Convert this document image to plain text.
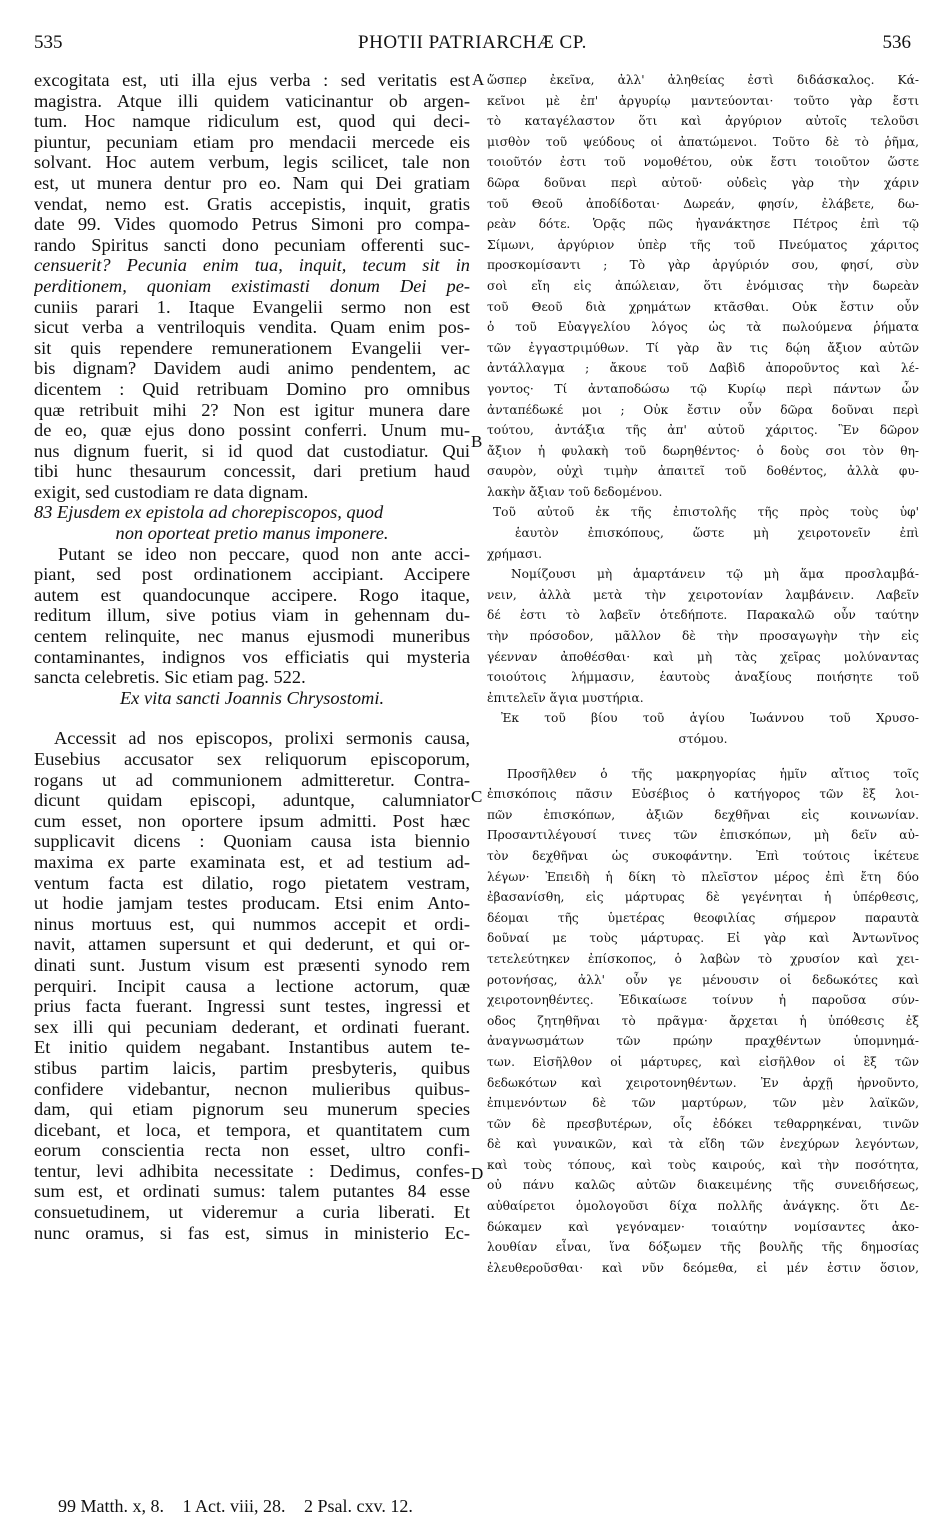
535	PHOTII PATRIARCHÆ CP.	536
A
B
C
D
excogitata est, uti illa ejus verba : sed veritatis est
magistra. Atque illi quidem vaticinantur ob argen-
tum. Hoc namque ridiculum est, quod qui deci-
piuntur, pecuniam etiam pro mendacii mercede eis
solvant. Hoc autem verbum, legis scilicet, tale non
est, ut munera dentur pro eo. Nam qui Dei gratiam
vendat, nemo est. Gratis accepistis, inquit, gratis
date 99. Vides quomodo Petrus Simoni pro compa-
rando Spiritus sancti dono pecuniam offerenti suc-
censuerit? Pecunia enim tua, inquit, tecum sit in
perditionem, quoniam existimasti donum Dei pe-
cuniis parari 1. Itaque Evangelii sermo non est
sicut verba a ventriloquis vendita. Quam enim pos-
sit quis rependere remunerationem Evangelii ver-
bis dignam? Davidem audi animo pendentem, ac
dicentem : Quid retribuam Domino pro omnibus
quæ retribuit mihi 2? Non est igitur munera dare
de eo, quæ ejus dono possint conferri. Unum mu-
nus dignum fuerit, si id quod dat custodiatur. Qui
tibi hunc thesaurum concessit, dari pretium haud
exigit, sed custodiam re data dignam.
83 Ejusdem ex epistola ad chorepiscopos, quod
non oporteat pretio manus imponere.
Putant se ideo non peccare, quod non ante acci-
piant, sed post ordinationem accipiant. Accipere
autem est quandocunque accipere. Rogo itaque,
reditum illum, sive potius viam in gehennam du-
centem relinquite, nec manus ejusmodi muneribus
contaminantes, indignos vos efficiatis qui mysteria
sancta celebretis. Sic etiam pag. 522.
Ex vita sancti Joannis Chrysostomi.
Accessit ad nos episcopos, prolixi sermonis causa,
Eusebius accusator sex reliquorum episcoporum,
rogans ut ad communionem admitteretur. Contra-
dicunt quidam episcopi, aduntque, calumniator
cum esset, non oportere ipsum admitti. Post hæc
supplicavit dicens : Quoniam causa ista biennio
maxima ex parte examinata est, et ad testium ad-
ventum facta est dilatio, rogo pietatem vestram,
ut hodie jamjam testes producam. Etsi enim Anto-
ninus mortuus est, qui nummos accepit et ordi-
navit, attamen supersunt et qui dederunt, et qui or-
dinati sunt. Justum visum est præsenti synodo rem
perquiri. Incipit causa a lectione actorum, quæ
prius facta fuerant. Ingressi sunt testes, ingressi et
sex illi qui pecuniam dederant, et ordinati fuerant.
Et initio quidem negabant. Instantibus autem te-
stibus partim laicis, partim presbyteris, quibus
confidere videbantur, necnon mulieribus quibus-
dam, qui etiam pignorum seu munerum species
dicebant, et loca, et tempora, et quantitatem cum
eorum conscientia recta non esset, ultro confi-
tentur, levi adhibita necessitate : Dedimus, confes-
sum est, et ordinati sumus: talem putantes 84 esse
consuetudinem, ut videremur a curia liberati. Et
nunc oramus, si fas est, simus in ministerio Ec-
ὥσπερ ἐκεῖνα, ἀλλ' ἀληθείας ἐστὶ διδάσκαλος. Κά-
κεῖνοι μὲ ἐπ' ἀργυρίῳ μαντεύονται· τοῦτο γὰρ ἔστι
τὸ καταγέλαστον ὅτι καὶ ἀργύριον αὐτοῖς τελοῦσι
μισθὸν τοῦ ψεύδους οἱ ἀπατώμενοι. Τοῦτο δὲ τὸ ῥῆμα,
τοιοῦτόν ἐστι τοῦ νομοθέτου, οὐκ ἔστι τοιοῦτον ὥστε
δῶρα δοῦναι περὶ αὐτοῦ· οὐδεὶς γὰρ τὴν χάριν
τοῦ Θεοῦ ἀποδίδοται· Δωρεάν, φησίν, ἐλάβετε, δω-
ρεὰν δότε. Ὁρᾷς πῶς ἠγανάκτησε Πέτρος ἐπὶ τῷ
Σίμωνι, ἀργύριον ὑπὲρ τῆς τοῦ Πνεύματος χάριτος
προσκομίσαντι ; Τὸ γὰρ ἀργύριόν σου, φησί, σὺν
σοὶ εἴη εἰς ἀπώλειαν, ὅτι ἐνόμισας τὴν δωρεὰν
τοῦ Θεοῦ διὰ χρημάτων κτᾶσθαι. Οὐκ ἔστιν οὖν
ὁ τοῦ Εὐαγγελίου λόγος ὡς τὰ πωλούμενα ῥήματα
τῶν ἐγγαστριμύθων. Τί γὰρ ἂν τις δῴη ἄξιον αὐτῶν
ἀντάλλαγμα ; ἄκουε τοῦ Δαβὶδ ἀποροῦντος καὶ λέ-
γοντος· Τί ἀνταποδώσω τῷ Κυρίῳ περὶ πάντων ὧν
ἀνταπέδωκέ μοι ; Οὐκ ἔστιν οὖν δῶρα δοῦναι περὶ
τούτου, ἀντάξια τῆς ἀπ' αὐτοῦ χάριτος. Ἓν δῶρον
ἄξιον ἡ φυλακὴ τοῦ δωρηθέντος· ὁ δοὺς σοι τὸν θη-
σαυρὸν, οὐχὶ τιμὴν ἀπαιτεῖ τοῦ δοθέντος, ἀλλὰ φυ-
λακὴν ἄξιαν τοῦ δεδομένου.
Τοῦ αὐτοῦ ἐκ τῆς ἐπιστολῆς τῆς πρὸς τοὺς ὑφ'
ἑαυτὸν ἐπισκόπους, ὥστε μὴ χειροτονεῖν ἐπὶ
χρήμασι.
Νομίζουσι μὴ ἁμαρτάνειν τῷ μὴ ἅμα προσλαμβά-
νειν, ἀλλὰ μετὰ τὴν χειροτονίαν λαμβάνειν. Λαβεῖν
δέ ἐστι τὸ λαβεῖν ὁτεδήποτε. Παρακαλῶ οὖν ταύτην
τὴν πρόσοδον, μᾶλλον δὲ τὴν προσαγωγὴν τὴν εἰς
γέενναν ἀποθέσθαι· καὶ μὴ τὰς χεῖρας μολύναντας
τοιούτοις λήμμασιν, ἑαυτοὺς ἀναξίους ποιήσητε τοῦ
ἐπιτελεῖν ἅγια μυστήρια.
Ἐκ τοῦ βίου τοῦ ἁγίου Ἰωάννου τοῦ Χρυσο-
στόμου.
Προσῆλθεν ὁ τῆς μακρηγορίας ἡμῖν αἴτιος τοῖς
ἐπισκόποις πᾶσιν Εὐσέβιος ὁ κατήγορος τῶν ἓξ λοι-
πῶν ἐπισκόπων, ἀξιῶν δεχθῆναι εἰς κοινωνίαν.
Προσαντιλέγουσί τινες τῶν ἐπισκόπων, μὴ δεῖν αὐ-
τὸν δεχθῆναι ὡς συκοφάντην. Ἐπὶ τούτοις ἱκέτευε
λέγων· Ἐπειδὴ ἡ δίκη τὸ πλεῖστον μέρος ἐπὶ ἔτη δύο
ἐβασανίσθη, εἰς μάρτυρας δὲ γεγένηται ἡ ὑπέρθεσις,
δέομαι τῆς ὑμετέρας θεοφιλίας σήμερον παραυτὰ
δοῦναί με τοὺς μάρτυρας. Εἰ γὰρ καὶ Ἀντωνῖνος
τετελεύτηκεν ἐπίσκοπος, ὁ λαβὼν τὸ χρυσίον καὶ χει-
ροτονήσας, ἀλλ' οὖν γε μένουσιν οἱ δεδωκότες καὶ
χειροτονηθέντες. Ἐδικαίωσε τοίνυν ἡ παροῦσα σύν-
οδος ζητηθῆναι τὸ πρᾶγμα· ἄρχεται ἡ ὑπόθεσις ἐξ
ἀναγνωσμάτων τῶν πρώην πραχθέντων ὑπομνημά-
των. Εἰσῆλθον οἱ μάρτυρες, καὶ εἰσῆλθον οἱ ἓξ τῶν
δεδωκότων καὶ χειροτονηθέντων. Ἐν ἀρχῇ ἠρνοῦντο,
ἐπιμενόντων δὲ τῶν μαρτύρων, τῶν μὲν λαϊκῶν,
τῶν δὲ πρεσβυτέρων, οἷς ἐδόκει τεθαρρηκέναι, τινῶν
δὲ καὶ γυναικῶν, καὶ τὰ εἴδη τῶν ἐνεχύρων λεγόντων,
καὶ τοὺς τόπους, καὶ τοὺς καιρούς, καὶ τὴν ποσότητα,
οὐ πάνυ καλῶς αὐτῶν διακειμένης τῆς συνειδήσεως,
αὐθαίρετοι ὁμολογοῦσι δίχα πολλῆς ἀνάγκης. ὅτι Δε-
δώκαμεν καὶ γεγόναμεν· τοιαύτην νομίσαντες ἀκο-
λουθίαν εἶναι, ἵνα δόξωμεν τῆς βουλῆς τῆς δημοσίας
ἐλευθεροῦσθαι· καὶ νῦν δεόμεθα, εἰ μέν ἐστιν ὅσιον,
99 Matth. x, 8. 1 Act. viii, 28. 2 Psal. cxv. 12.
